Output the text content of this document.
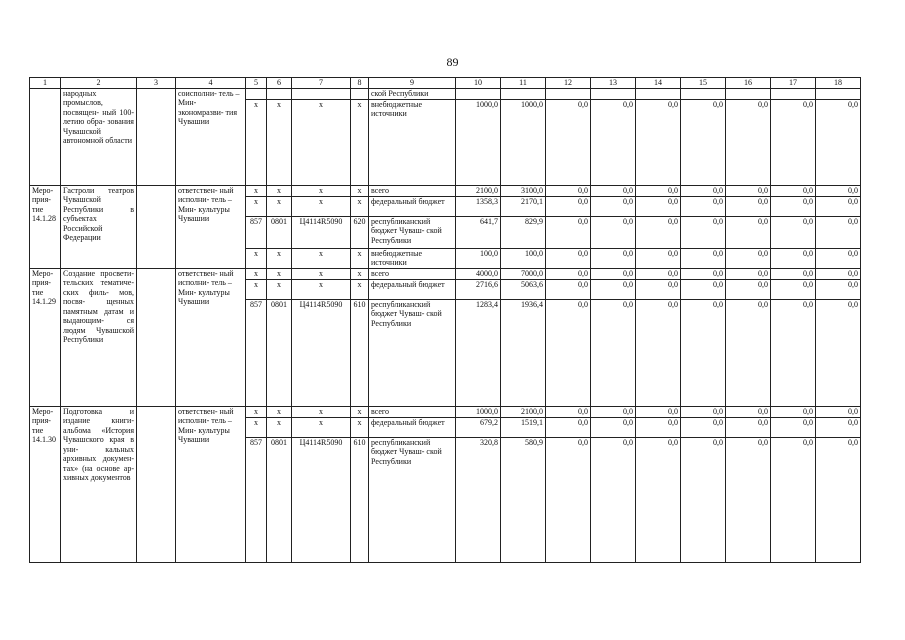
89
1	2	3	4	5	6	7	8	9	10	11	12	13	14	15	16	17	18
	народных промыслов, посвящен- ный 100- летию обра- зования Чувашской автономной области		соисполни- тель – Мин- экономразви- тия Чувашии					ской Республики									
				х	х	х	х	внебюджетные источники	1000,0	1000,0	0,0	0,0	0,0	0,0	0,0	0,0	0,0
Меро- прия- тие 14.1.28	Гастроли театров Чувашской Республики в субъектах Российской Федерации		ответствен- ный исполни- тель – Мин- культуры Чувашии	х	х	х	х	всего	2100,0	3100,0	0,0	0,0	0,0	0,0	0,0	0,0	0,0
				х	х	х	х	федеральный бюджет	1358,3	2170,1	0,0	0,0	0,0	0,0	0,0	0,0	0,0
				857	0801	Ц4114R5090	620	республиканский бюджет Чуваш- ской Республики	641,7	829,9	0,0	0,0	0,0	0,0	0,0	0,0	0,0
				х	х	х	х	внебюджетные источники	100,0	100,0	0,0	0,0	0,0	0,0	0,0	0,0	0,0
Меро- прия- тие 14.1.29	Создание просвети- тельских тематиче- ских филь- мов, посвя- щенных памятным датам и выдающим- ся людям Чувашской Республики		ответствен- ный исполни- тель – Мин- культуры Чувашии	х	х	х	х	всего	4000,0	7000,0	0,0	0,0	0,0	0,0	0,0	0,0	0,0
				х	х	х	х	федеральный бюджет	2716,6	5063,6	0,0	0,0	0,0	0,0	0,0	0,0	0,0
				857	0801	Ц4114R5090	610	республиканский бюджет Чуваш- ской Республики	1283,4	1936,4	0,0	0,0	0,0	0,0	0,0	0,0	0,0
Меро- прия- тие 14.1.30	Подготовка и издание книги- альбома «История Чувашского края в уни- кальных архивных докумен- тах» (на основе ар- хивных документов		ответствен- ный исполни- тель – Мин- культуры Чувашии	х	х	х	х	всего	1000,0	2100,0	0,0	0,0	0,0	0,0	0,0	0,0	0,0
				х	х	х	х	федеральный бюджет	679,2	1519,1	0,0	0,0	0,0	0,0	0,0	0,0	0,0
				857	0801	Ц4114R5090	610	республиканский бюджет Чуваш- ской Республики	320,8	580,9	0,0	0,0	0,0	0,0	0,0	0,0	0,0
